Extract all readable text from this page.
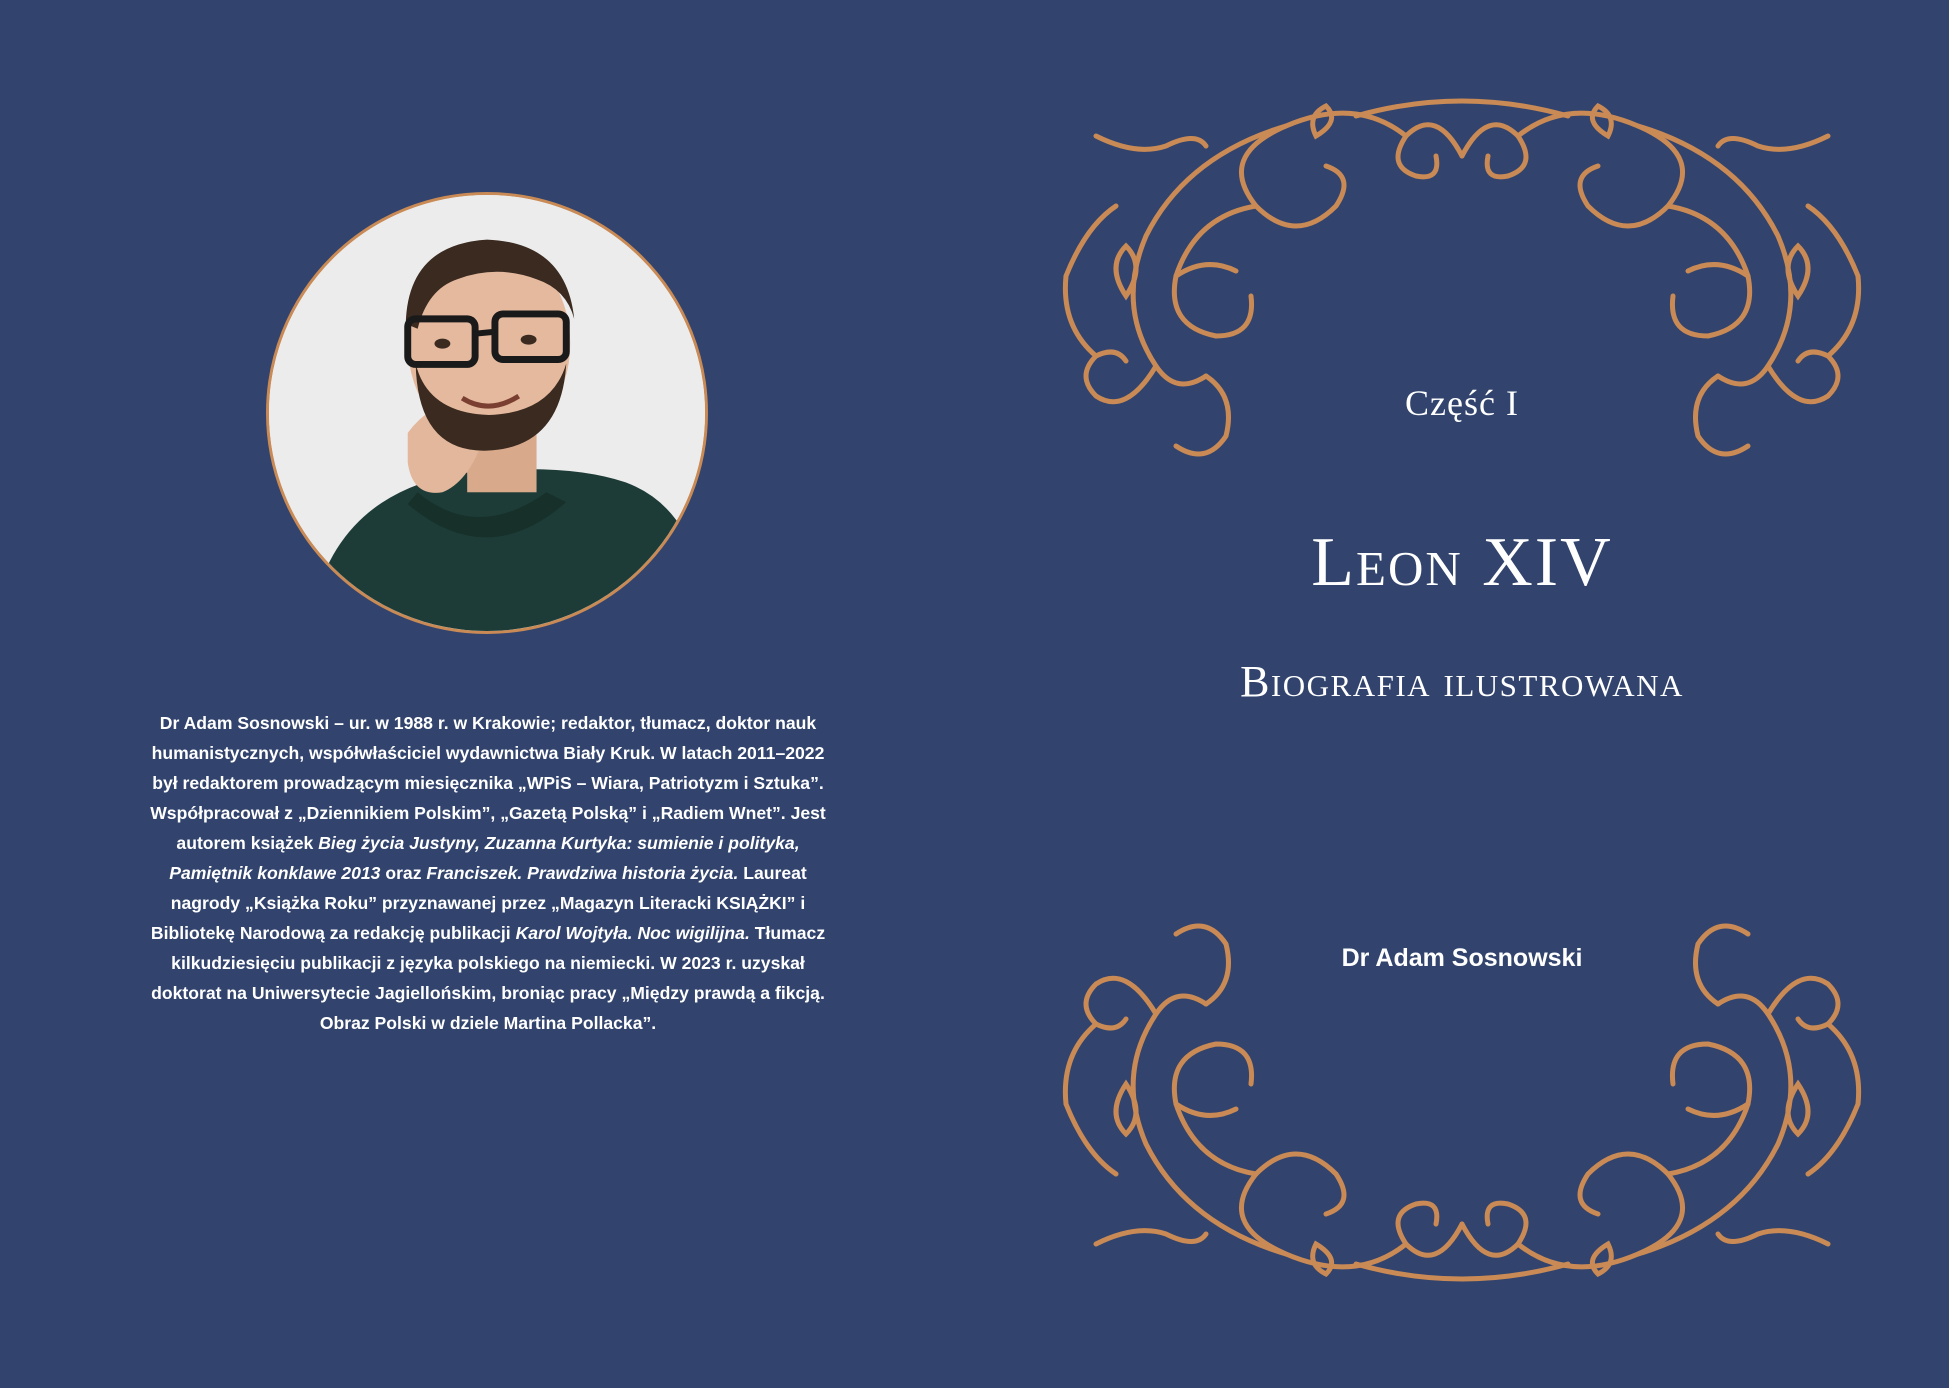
Dr Adam Sosnowski – ur. w 1988 r. w Krakowie; redaktor, tłumacz, doktor nauk humanistycznych, współwłaściciel wydawnictwa Biały Kruk. W latach 2011–2022 był redaktorem prowadzącym miesięcznika „WPiS – Wiara, Patriotyzm i Sztuka”. Współpracował z „Dziennikiem Polskim”, „Gazetą Polską” i „Radiem Wnet”. Jest autorem książek Bieg życia Justyny, Zuzanna Kurtyka: sumienie i polityka, Pamiętnik konklawe 2013 oraz Franciszek. Prawdziwa historia życia. Laureat nagrody „Książka Roku” przyznawanej przez „Magazyn Literacki KSIĄŻKI” i Bibliotekę Narodową za redakcję publikacji Karol Wojtyła. Noc wigilijna. Tłumacz kilkudziesięciu publikacji z języka polskiego na niemiecki. W 2023 r. uzyskał doktorat na Uniwersytecie Jagiellońskim, broniąc pracy „Między prawdą a fikcją. Obraz Polski w dziele Martina Pollacka”.

Część I
Leon XIV
Biografia ilustrowana
Dr Adam Sosnowski
